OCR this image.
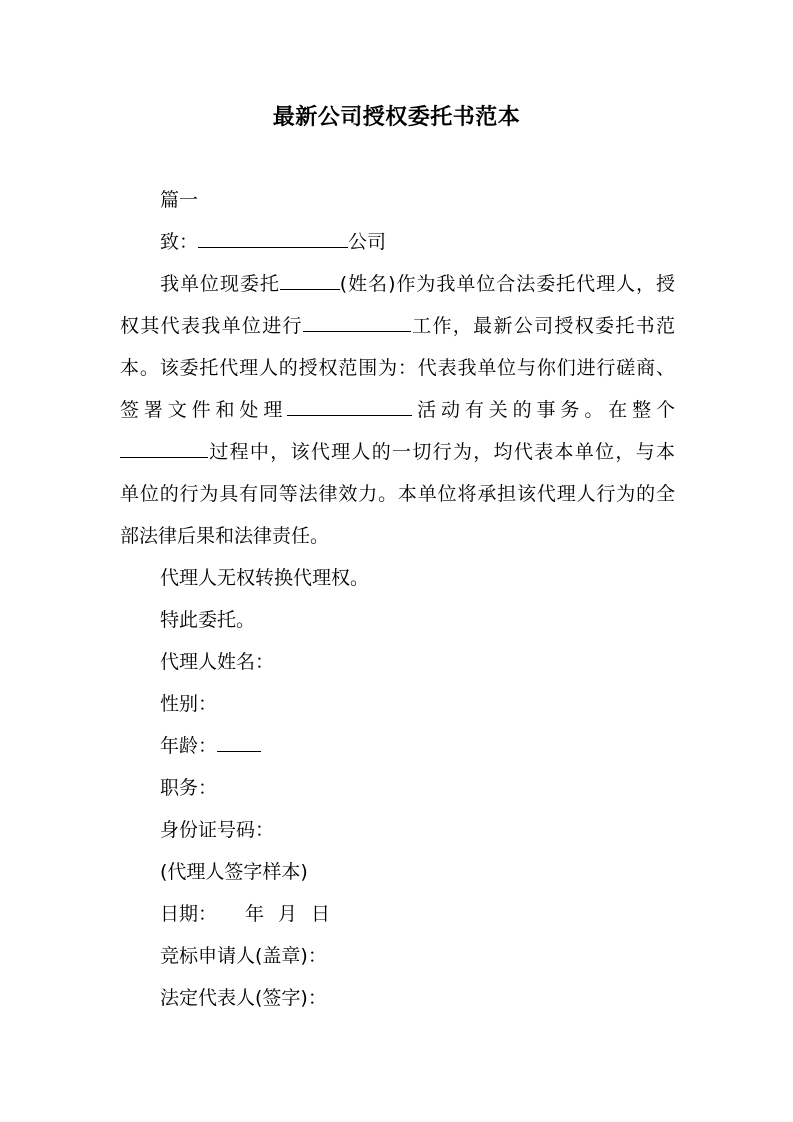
最新公司授权委托书范本
篇一
致：	公司
我单位现委托	(姓名)作为我单位合法委托代理人，授
权其代表我单位进行	工作，最新公司授权委托书范
本。该委托代理人的授权范围为：代表我单位与你们进行磋商、
签署文件和处理	活动有关的事务。在整个
过程中，该代理人的一切行为，均代表本单位，与本
单位的行为具有同等法律效力。本单位将承担该代理人行为的全
部法律后果和法律责任。
代理人无权转换代理权。
特此委托。
代理人姓名：
性别：
年龄：
职务：
身份证号码：
(代理人签字样本)
日期： 年 月 日
竞标申请人(盖章)：
法定代表人(签字)：
